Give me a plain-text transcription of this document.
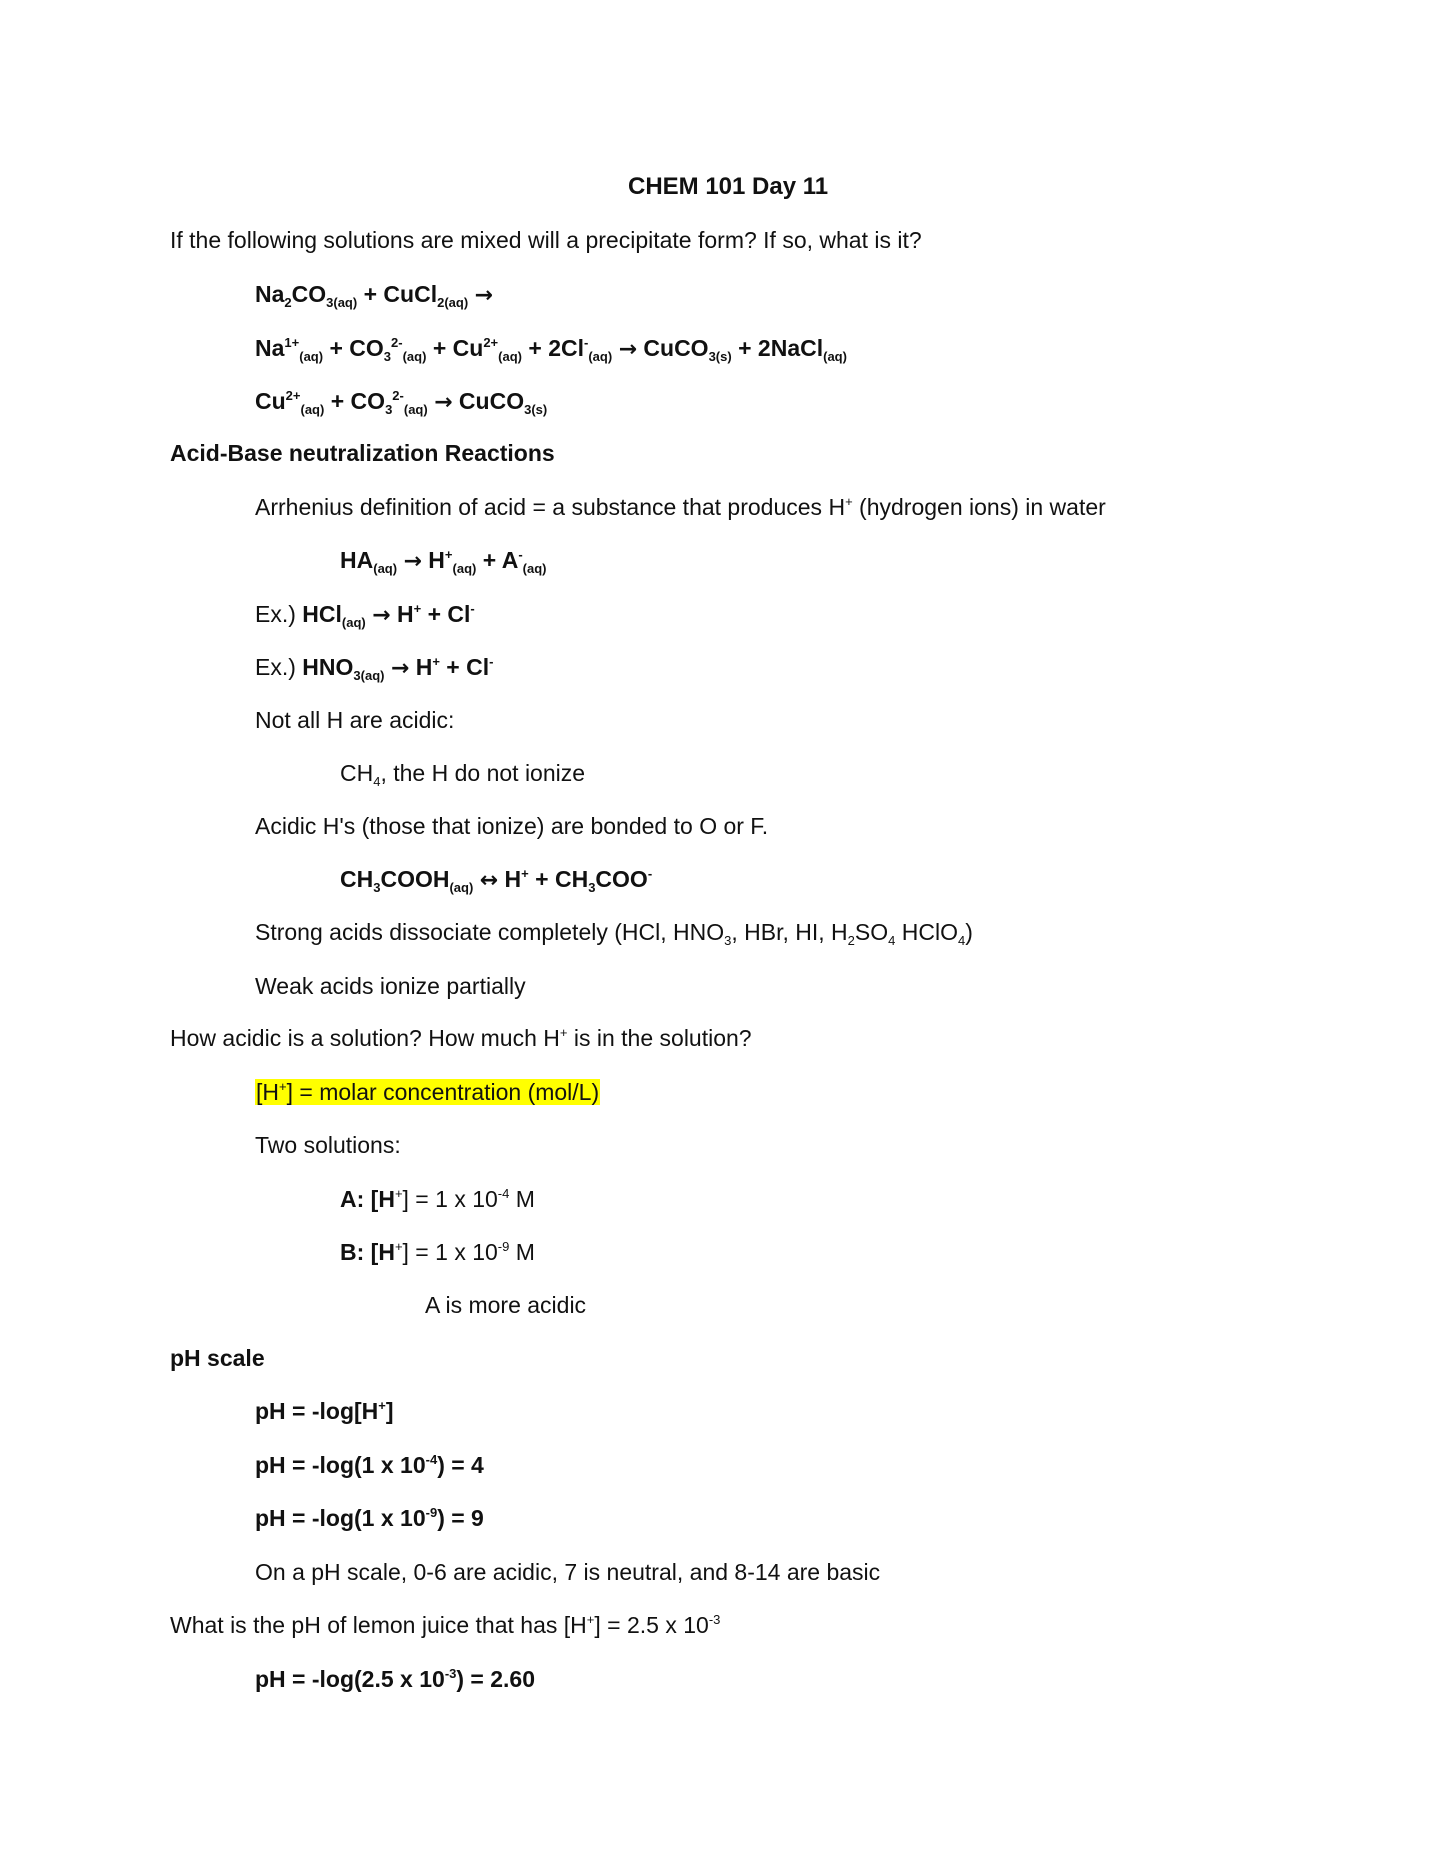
CHEM 101 Day 11
If the following solutions are mixed will a precipitate form? If so, what is it?
$Na_2CO_{3(aq)}$ + CuCl$_{2(aq)}$ →
$Na^{1+}_{(aq)} + CO_3^{2-}_{(aq)} + Cu^{2+}_{(aq)} + 2Cl^-_{(aq)}$ → CuCO$_{3(s)}$ + 2NaCl$_{(aq)}$
$Cu^{2+}_{(aq)} + CO_3^{2-}_{(aq)}$ → CuCO$_{3(s)}$
Acid-Base neutralization Reactions
Arrhenius definition of acid = a substance that produces H+ (hydrogen ions) in water
$HA_{(aq)} \to H^+_{(aq)} + A^-_{(aq)}$
Ex.) HCl$_{(aq)}$ → H+ + Cl-
Ex.) $HNO_{3(aq)} \to H^+ + Cl^-$
Not all H are acidic:
$CH_4$, the H do not ionize
Acidic H's (those that ionize) are bonded to O or F.
$CH_3COOH_{(aq)}$ ↔ $H^+ + CH_3COO^-$
Strong acids dissociate completely (HCl, $HNO_3$, HBr, HI, $H_2SO_4$ HClO$_4$)
Weak acids ionize partially
How acidic is a solution? How much H+ is in the solution?
[H+] = molar concentration (mol/L)
Two solutions:
A: [H+] = 1 x $10^{-4}$ M
B: [H+] = 1 x $10^{-9}$ M
A is more acidic
pH scale
pH = -log[H+]
pH = -log(1 x $10^{-4}) = 4$
pH = -log(1 x $10^{-9}) = 9$
On a pH scale, 0-6 are acidic, 7 is neutral, and 8-14 are basic
What is the pH of lemon juice that has [H+] = 2.5 x $10^{-3}$
pH = -log(2.5 x $10^{-3}) = 2.60$
